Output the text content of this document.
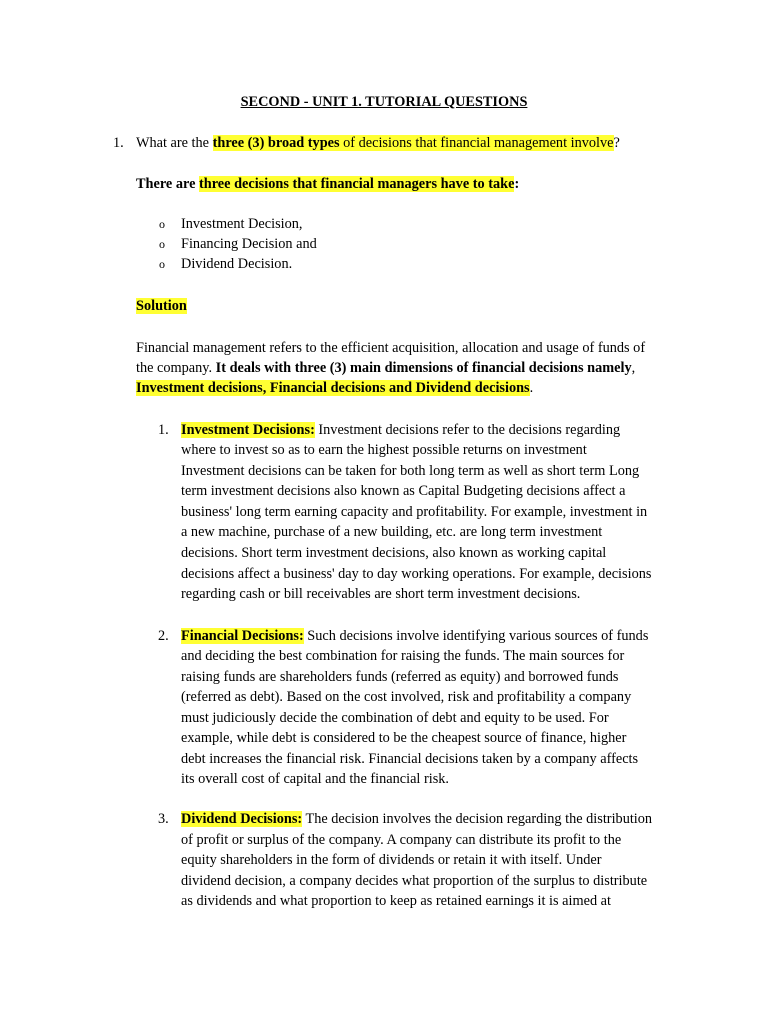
SECOND - UNIT 1. TUTORIAL QUESTIONS
1. What are the three (3) broad types of decisions that financial management involve?
There are three decisions that financial managers have to take:
o Investment Decision,
o Financing Decision and
o Dividend Decision.
Solution
Financial management refers to the efficient acquisition, allocation and usage of funds of
the company. It deals with three (3) main dimensions of financial decisions namely,
Investment decisions, Financial decisions and Dividend decisions.
1. Investment Decisions: Investment decisions refer to the decisions regarding
where to invest so as to earn the highest possible returns on investment
Investment decisions can be taken for both long term as well as short term Long
term investment decisions also known as Capital Budgeting decisions affect a
business' long term earning capacity and profitability. For example, investment in
a new machine, purchase of a new building, etc. are long term investment
decisions. Short term investment decisions, also known as working capital
decisions affect a business' day to day working operations. For example, decisions
regarding cash or bill receivables are short term investment decisions.
2. Financial Decisions: Such decisions involve identifying various sources of funds
and deciding the best combination for raising the funds. The main sources for
raising funds are shareholders funds (referred as equity) and borrowed funds
(referred as debt). Based on the cost involved, risk and profitability a company
must judiciously decide the combination of debt and equity to be used. For
example, while debt is considered to be the cheapest source of finance, higher
debt increases the financial risk. Financial decisions taken by a company affects
its overall cost of capital and the financial risk.
3. Dividend Decisions: The decision involves the decision regarding the distribution
of profit or surplus of the company. A company can distribute its profit to the
equity shareholders in the form of dividends or retain it with itself. Under
dividend decision, a company decides what proportion of the surplus to distribute
as dividends and what proportion to keep as retained earnings it is aimed at
